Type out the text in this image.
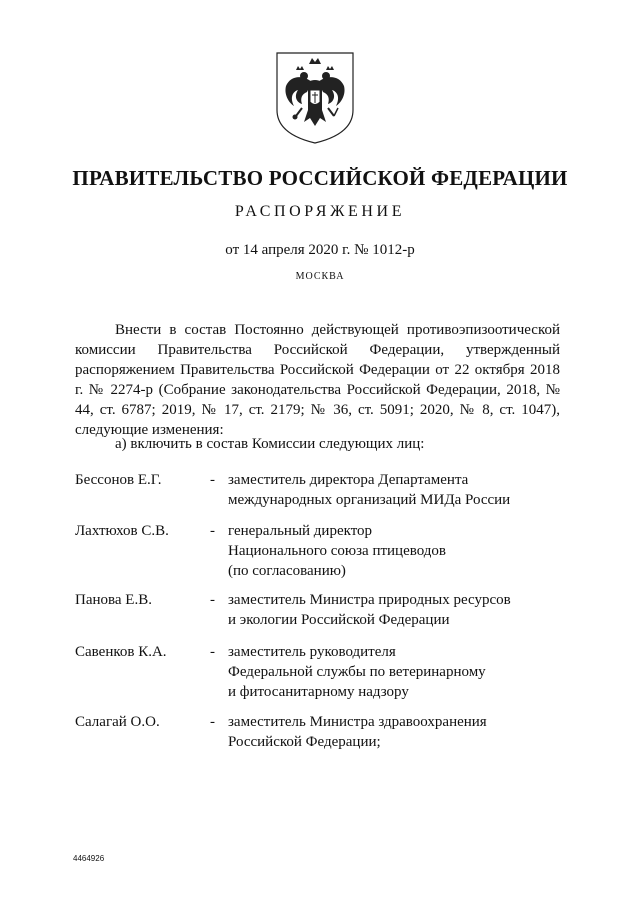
ПРАВИТЕЛЬСТВО РОССИЙСКОЙ ФЕДЕРАЦИИ
РАСПОРЯЖЕНИЕ
от 14 апреля 2020 г. № 1012-р
МОСКВА

Внести в состав Постоянно действующей противоэпизоотической комиссии Правительства Российской Федерации, утвержденный распоряжением Правительства Российской Федерации от 22 октября 2018 г. № 2274-р (Собрание законодательства Российской Федерации, 2018, № 44, ст. 6787; 2019, № 17, ст. 2179; № 36, ст. 5091; 2020, № 8, ст. 1047), следующие изменения:

а) включить в состав Комиссии следующих лиц:
Бессонов Е.Г.	- заместитель директора Департамента
международных организаций МИДа России
Лахтюхов С.В.	- генеральный директор
Национального союза птицеводов
(по согласованию)
Панова Е.В.	- заместитель Министра природных ресурсов
и экологии Российской Федерации
Савенков К.А.	- заместитель руководителя
Федеральной службы по ветеринарному
и фитосанитарному надзору
Салагай О.О.	- заместитель Министра здравоохранения
Российской Федерации;
4464926
